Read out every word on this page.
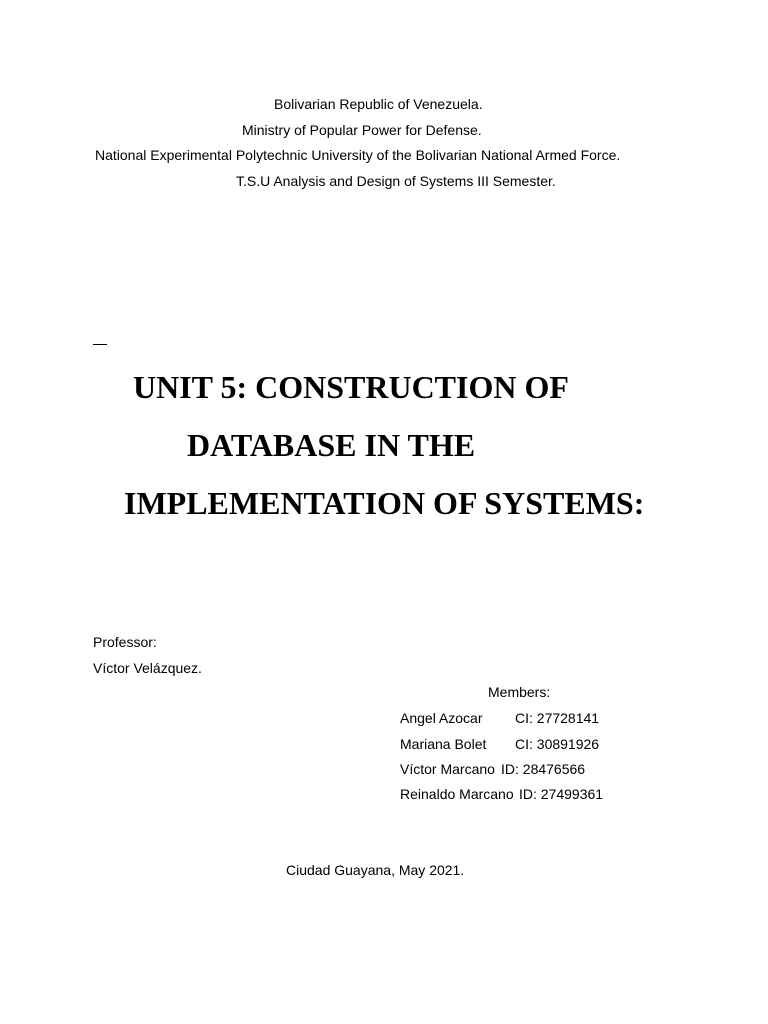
Bolivarian Republic of Venezuela.
Ministry of Popular Power for Defense.
National Experimental Polytechnic University of the Bolivarian National Armed Force.
T.S.U Analysis and Design of Systems III Semester.
UNIT 5: CONSTRUCTION OF
DATABASE IN THE
IMPLEMENTATION OF SYSTEMS:
Professor:
Víctor Velázquez.
Members:
Angel Azocar CI: 27728141
Mariana Bolet CI: 30891926
Víctor Marcano ID: 28476566
Reinaldo Marcano ID: 27499361
Ciudad Guayana, May 2021.
